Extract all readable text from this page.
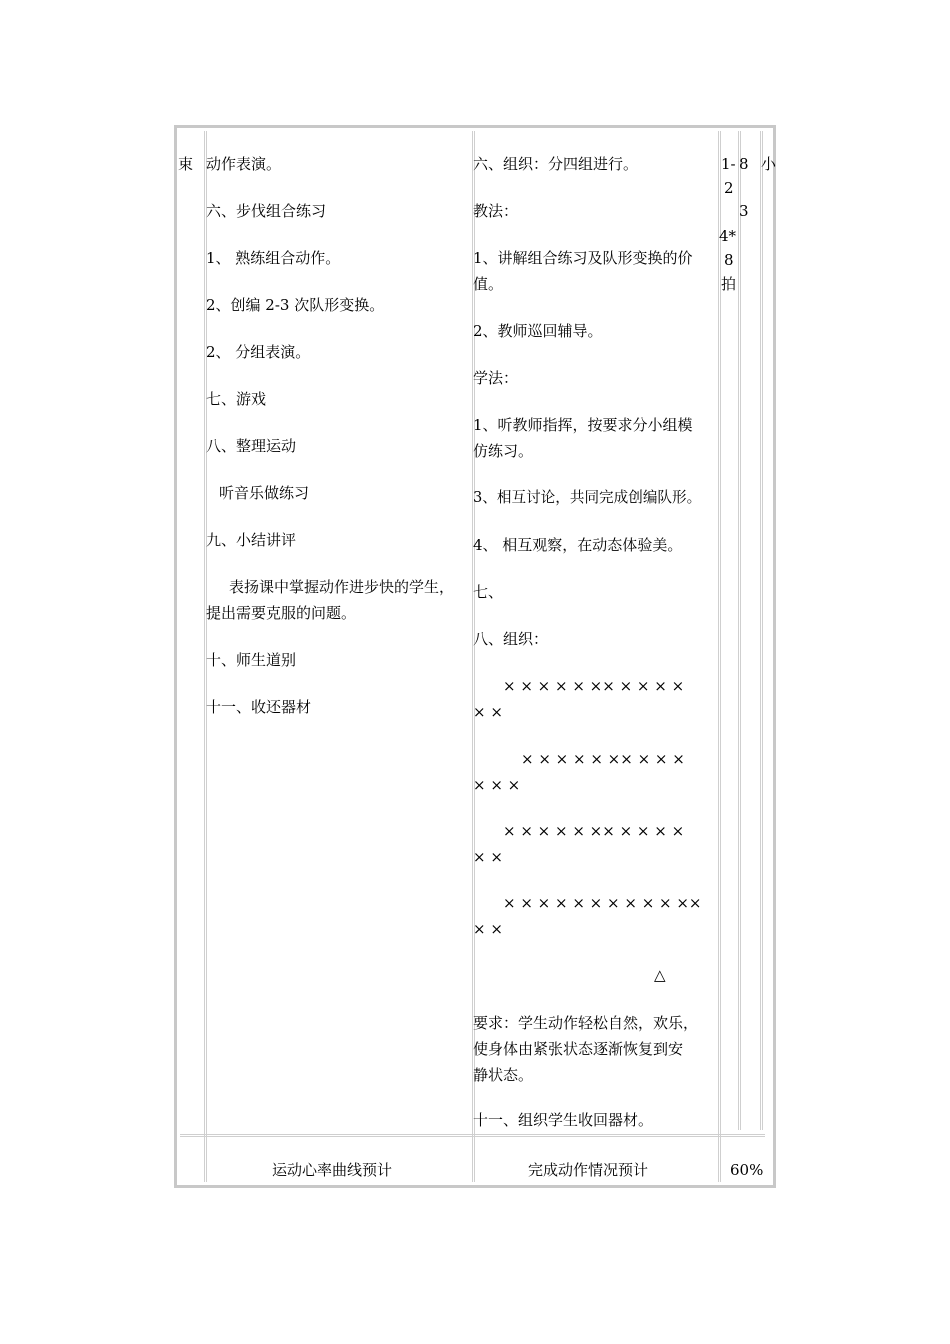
束 动作表演。
六、步伐组合练习
1、 熟练组合动作。
2、创编 2-3 次队形变换。
2、 分组表演。
七、游戏
八、整理运动
听音乐做练习
九、小结讲评
表扬课中掌握动作进步快的学生，
提出需要克服的问题。
十、师生道别
十一、收还器材
六、组织：分四组进行。
教法：
1、讲解组合练习及队形变换的价
值。
2、教师巡回辅导。
学法：
1、听教师指挥，按要求分小组模
仿练习。
3、相互讨论，共同完成创编队形。
4、 相互观察，在动态体验美。
七、
八、组织：
× × × × × ×× × × × ×
× ×
× × × × × ×× × × ×
× × ×
× × × × × ×× × × × ×
× ×
× × × × × × × × × × ××
× ×
△
要求：学生动作轻松自然，欢乐，
使身体由紧张状态逐渐恢复到安
静状态。
十一、组织学生收回器材。
1-
2
4*
8
拍
8
3
小
运动心率曲线预计	完成动作情况预计	60%
